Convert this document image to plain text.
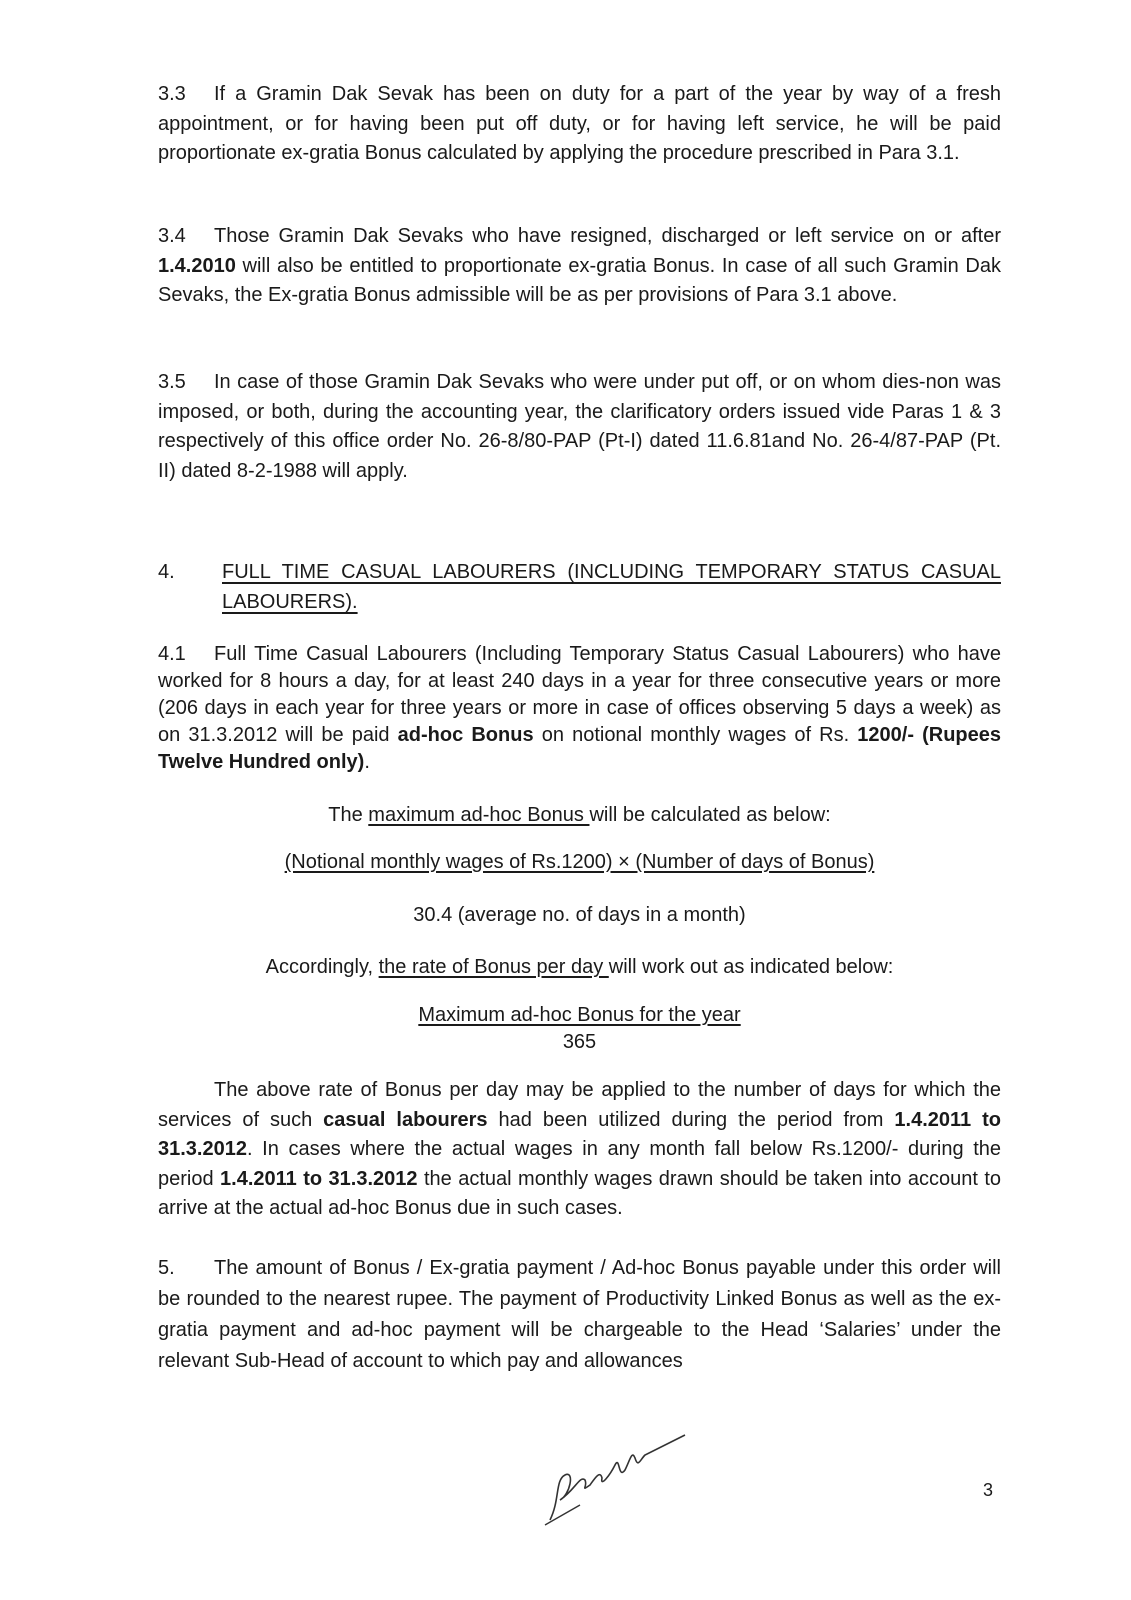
3.3 If a Gramin Dak Sevak has been on duty for a part of the year by way of a fresh appointment, or for having been put off duty, or for having left service, he will be paid proportionate ex-gratia Bonus calculated by applying the procedure prescribed in Para 3.1.
3.4 Those Gramin Dak Sevaks who have resigned, discharged or left service on or after 1.4.2010 will also be entitled to proportionate ex-gratia Bonus. In case of all such Gramin Dak Sevaks, the Ex-gratia Bonus admissible will be as per provisions of Para 3.1 above.
3.5 In case of those Gramin Dak Sevaks who were under put off, or on whom dies-non was imposed, or both, during the accounting year, the clarificatory orders issued vide Paras 1 & 3 respectively of this office order No. 26-8/80-PAP (Pt-I) dated 11.6.81and No. 26-4/87-PAP (Pt. II) dated 8-2-1988 will apply.
4. FULL TIME CASUAL LABOURERS (INCLUDING TEMPORARY STATUS CASUAL LABOURERS).
4.1 Full Time Casual Labourers (Including Temporary Status Casual Labourers) who have worked for 8 hours a day, for at least 240 days in a year for three consecutive years or more (206 days in each year for three years or more in case of offices observing 5 days a week) as on 31.3.2012 will be paid ad-hoc Bonus on notional monthly wages of Rs. 1200/- (Rupees Twelve Hundred only).
The maximum ad-hoc Bonus will be calculated as below:
(Notional monthly wages of Rs.1200) × (Number of days of Bonus)
30.4 (average no. of days in a month)
Accordingly, the rate of Bonus per day will work out as indicated below:
Maximum ad-hoc Bonus for the year
365
The above rate of Bonus per day may be applied to the number of days for which the services of such casual labourers had been utilized during the period from 1.4.2011 to 31.3.2012. In cases where the actual wages in any month fall below Rs.1200/- during the period 1.4.2011 to 31.3.2012 the actual monthly wages drawn should be taken into account to arrive at the actual ad-hoc Bonus due in such cases.
5. The amount of Bonus / Ex-gratia payment / Ad-hoc Bonus payable under this order will be rounded to the nearest rupee. The payment of Productivity Linked Bonus as well as the ex-gratia payment and ad-hoc payment will be chargeable to the Head ‘Salaries’ under the relevant Sub-Head of account to which pay and allowances
3
